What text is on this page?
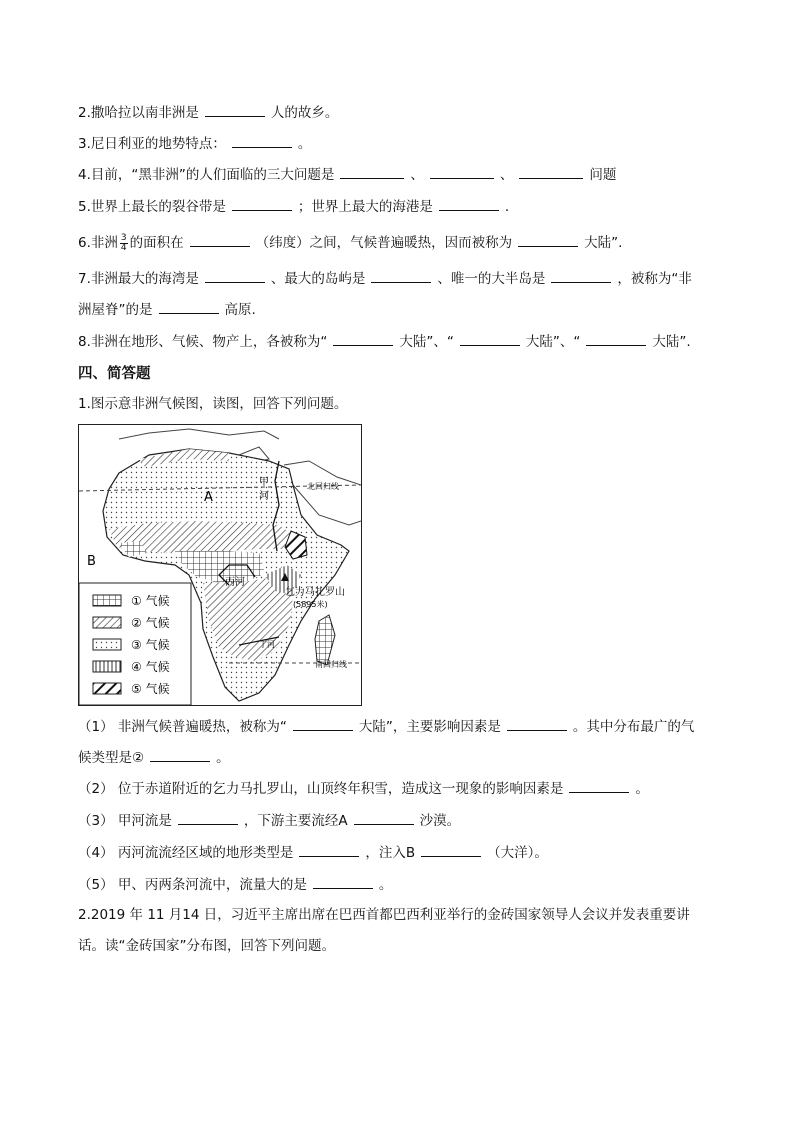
2.撒哈拉以南非洲是	人的故乡。
3.尼日利亚的地势特点：	。
4.目前，“黑非洲”的人们面临的三大问题是	、	、	问题
5.世界上最长的裂谷带是	；世界上最大的海港是	.
6.非洲 $\frac{3}{4}$ 的面积在	（纬度）之间，气候普遍暖热，因而被称为	大陆”.
7.非洲最大的海湾是	、最大的岛屿是	、唯一的大半岛是	，被称为“非
洲屋脊”的是	高原.
8.非洲在地形、气候、物产上，各被称为“	大陆”、“	大陆”、“	大陆”.
四、简答题
1.图示意非洲气候图，读图，回答下列问题。
A
B
甲
河
北回归线
丙河
乞力马扎罗山
(5895米)
丁河
南回归线
① 气候
② 气候
③ 气候
④ 气候
⑤ 气候
（1） 非洲气候普遍暖热，被称为“	大陆”，主要影响因素是	。其中分布最广的气
候类型是②	。
（2） 位于赤道附近的乞力马扎罗山，山顶终年积雪，造成这一现象的影响因素是	。
（3） 甲河流是	，下游主要流经A	沙漠。
（4） 丙河流流经区域的地形类型是	，注入B	（大洋）。
（5） 甲、丙两条河流中，流量大的是	。
2.2019 年 11 月14 日，习近平主席出席在巴西首都巴西利亚举行的金砖国家领导人会议并发表重要讲
话。读“金砖国家”分布图，回答下列问题。
